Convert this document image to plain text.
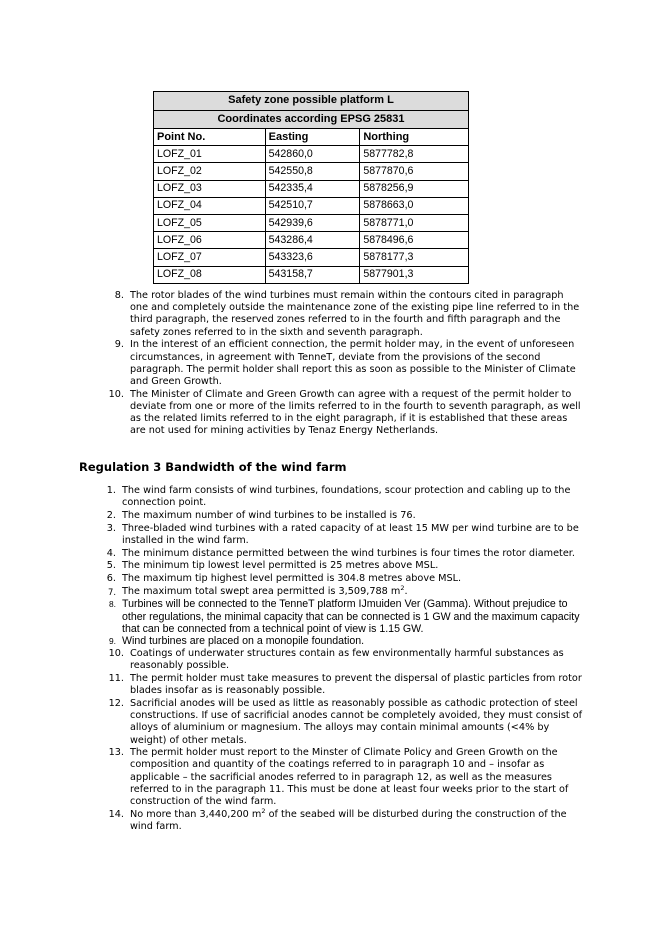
Safety zone possible platform L		
Coordinates according EPSG 25831		
Point No.	Easting	Northing
LOFZ_01	542860,0	5877782,8
LOFZ_02	542550,8	5877870,6
LOFZ_03	542335,4	5878256,9
LOFZ_04	542510,7	5878663,0
LOFZ_05	542939,6	5878771,0
LOFZ_06	543286,4	5878496,6
LOFZ_07	543323,6	5878177,3
LOFZ_08	543158,7	5877901,3
8. The rotor blades of the wind turbines must remain within the contours cited in paragraph one and completely outside the maintenance zone of the existing pipe line referred to in the third paragraph, the reserved zones referred to in the fourth and fifth paragraph and the safety zones referred to in the sixth and seventh paragraph.
9. In the interest of an efficient connection, the permit holder may, in the event of unforeseen circumstances, in agreement with TenneT, deviate from the provisions of the second paragraph. The permit holder shall report this as soon as possible to the Minister of Climate and Green Growth.
10. The Minister of Climate and Green Growth can agree with a request of the permit holder to deviate from one or more of the limits referred to in the fourth to seventh paragraph, as well as the related limits referred to in the eight paragraph, if it is established that these areas are not used for mining activities by Tenaz Energy Netherlands.
Regulation 3 Bandwidth of the wind farm
1. The wind farm consists of wind turbines, foundations, scour protection and cabling up to the connection point.
2. The maximum number of wind turbines to be installed is 76.
3. Three-bladed wind turbines with a rated capacity of at least 15 MW per wind turbine are to be installed in the wind farm.
4. The minimum distance permitted between the wind turbines is four times the rotor diameter.
5. The minimum tip lowest level permitted is 25 metres above MSL.
6. The maximum tip highest level permitted is 304.8 metres above MSL.
7. The maximum total swept area permitted is 3,509,788 $m^2$.
8. Turbines will be connected to the TenneT platform IJmuiden Ver (Gamma). Without prejudice to other regulations, the minimal capacity that can be connected is 1 GW and the maximum capacity that can be connected from a technical point of view is 1.15 GW.
9. Wind turbines are placed on a monopile foundation.
10. Coatings of underwater structures contain as few environmentally harmful substances as reasonably possible.
11. The permit holder must take measures to prevent the dispersal of plastic particles from rotor blades insofar as is reasonably possible.
12. Sacrificial anodes will be used as little as reasonably possible as cathodic protection of steel constructions. If use of sacrificial anodes cannot be completely avoided, they must consist of alloys of aluminium or magnesium. The alloys may contain minimal amounts (<4% by weight) of other metals.
13. The permit holder must report to the Minster of Climate Policy and Green Growth on the composition and quantity of the coatings referred to in paragraph 10 and – insofar as applicable – the sacrificial anodes referred to in paragraph 12, as well as the measures referred to in the paragraph 11. This must be done at least four weeks prior to the start of construction of the wind farm.
14. No more than 3,440,200 $m^2$ of the seabed will be disturbed during the construction of the wind farm.
